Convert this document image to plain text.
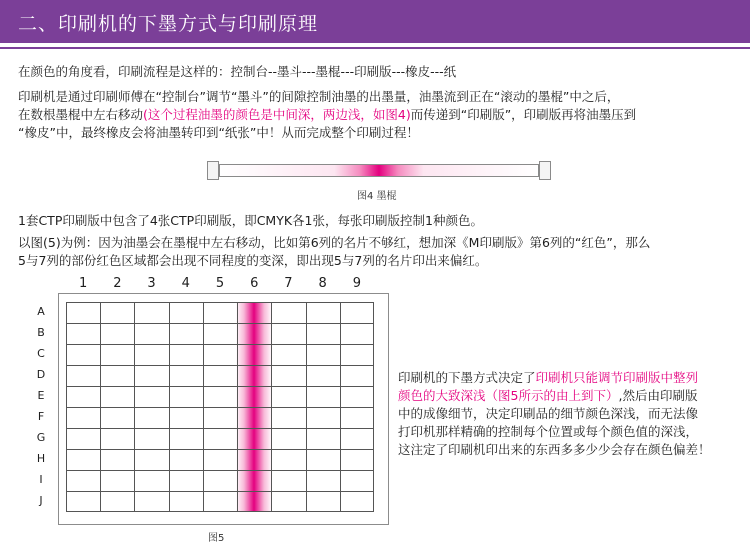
二、印刷机的下墨方式与印刷原理
在颜色的角度看，印刷流程是这样的：控制台--墨斗---墨棍---印刷版---橡皮---纸
印刷机是通过印刷师傅在“控制台”调节“墨斗”的间隙控制油墨的出墨量，油墨流到正在“滚动的墨棍”中之后，
在数根墨棍中左右移动(这个过程油墨的颜色是中间深，两边浅，如图4)而传递到“印刷版”，印刷版再将油墨压到
“橡皮”中，最终橡皮会将油墨转印到“纸张”中！从而完成整个印刷过程！
图4 墨棍
1套CTP印刷版中包含了4张CTP印刷版，即CMYK各1张，每张印刷版控制1种颜色。
以图(5)为例：因为油墨会在墨棍中左右移动，比如第6列的名片不够红，想加深《M印刷版》第6列的“红色”，那么
5与7列的部份红色区域都会出现不同程度的变深，即出现5与7列的名片印出来偏红。
1	2	3	4	5	6	7	8	9
A
B
C
D
E
F
G
H
I
J
图5
印刷机的下墨方式决定了印刷机只能调节印刷版中整列
颜色的大致深浅（图5所示的由上到下）,然后由印刷版
中的成像细节，决定印刷品的细节颜色深浅，而无法像
打印机那样精确的控制每个位置或每个颜色值的深浅，
这注定了印刷机印出来的东西多多少少会存在颜色偏差！
